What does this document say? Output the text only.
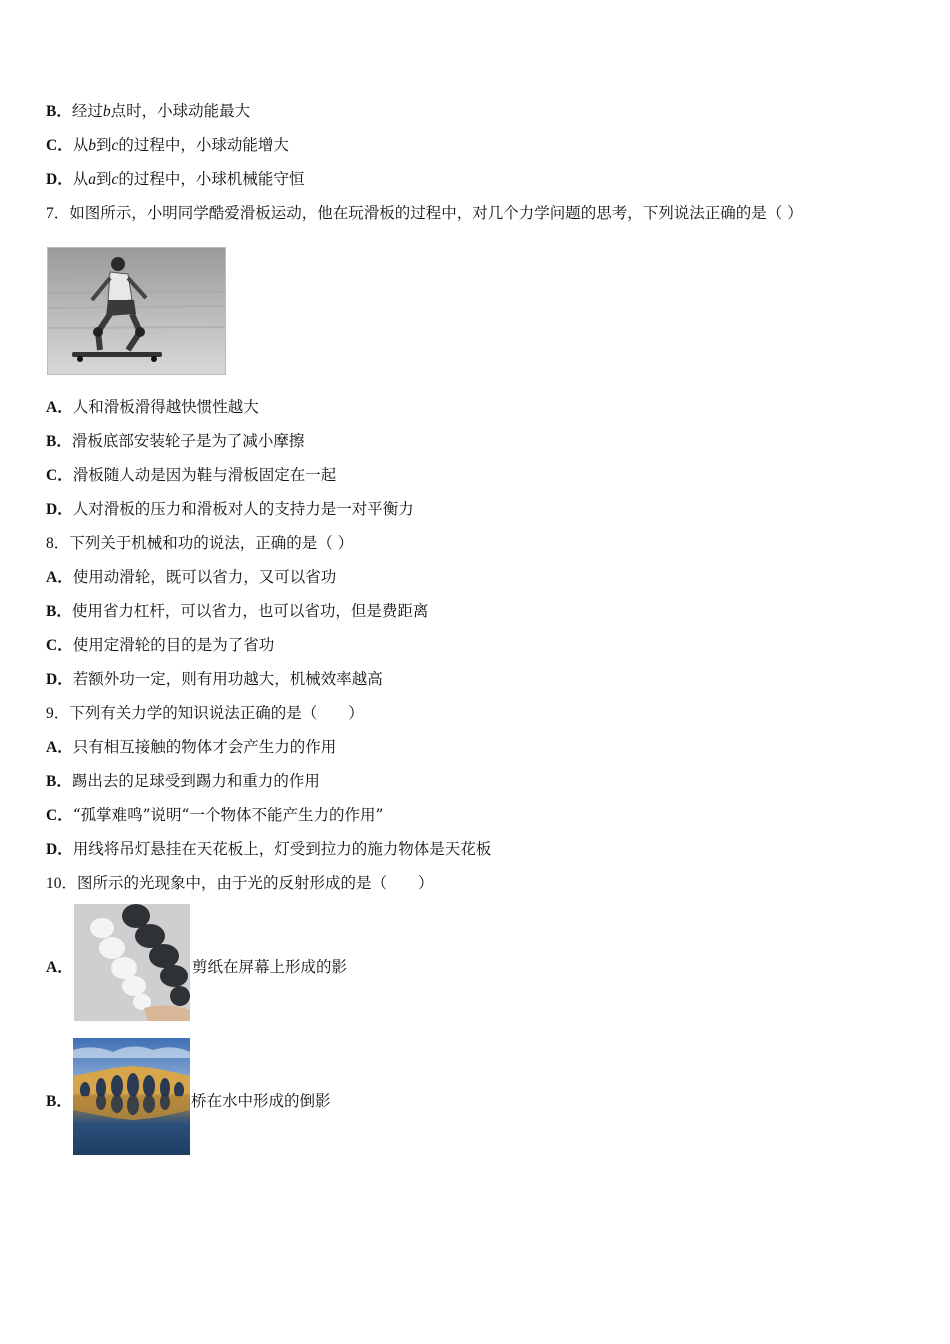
B．经过b点时，小球动能最大
C．从b到c的过程中，小球动能增大
D．从a到c的过程中，小球机械能守恒
7．如图所示，小明同学酷爱滑板运动，他在玩滑板的过程中，对几个力学问题的思考，下列说法正确的是（ ）
A．人和滑板滑得越快惯性越大
B．滑板底部安装轮子是为了减小摩擦
C．滑板随人动是因为鞋与滑板固定在一起
D．人对滑板的压力和滑板对人的支持力是一对平衡力
8．下列关于机械和功的说法，正确的是（ ）
A．使用动滑轮，既可以省力，又可以省功
B．使用省力杠杆，可以省力，也可以省功，但是费距离
C．使用定滑轮的目的是为了省功
D．若额外功一定，则有用功越大，机械效率越高
9．下列有关力学的知识说法正确的是（　　）
A．只有相互接触的物体才会产生力的作用
B．踢出去的足球受到踢力和重力的作用
C．“孤掌难鸣”说明“一个物体不能产生力的作用”
D．用线将吊灯悬挂在天花板上，灯受到拉力的施力物体是天花板
10．图所示的光现象中，由于光的反射形成的是（　　）
A．	剪纸在屏幕上形成的影
B．	桥在水中形成的倒影
